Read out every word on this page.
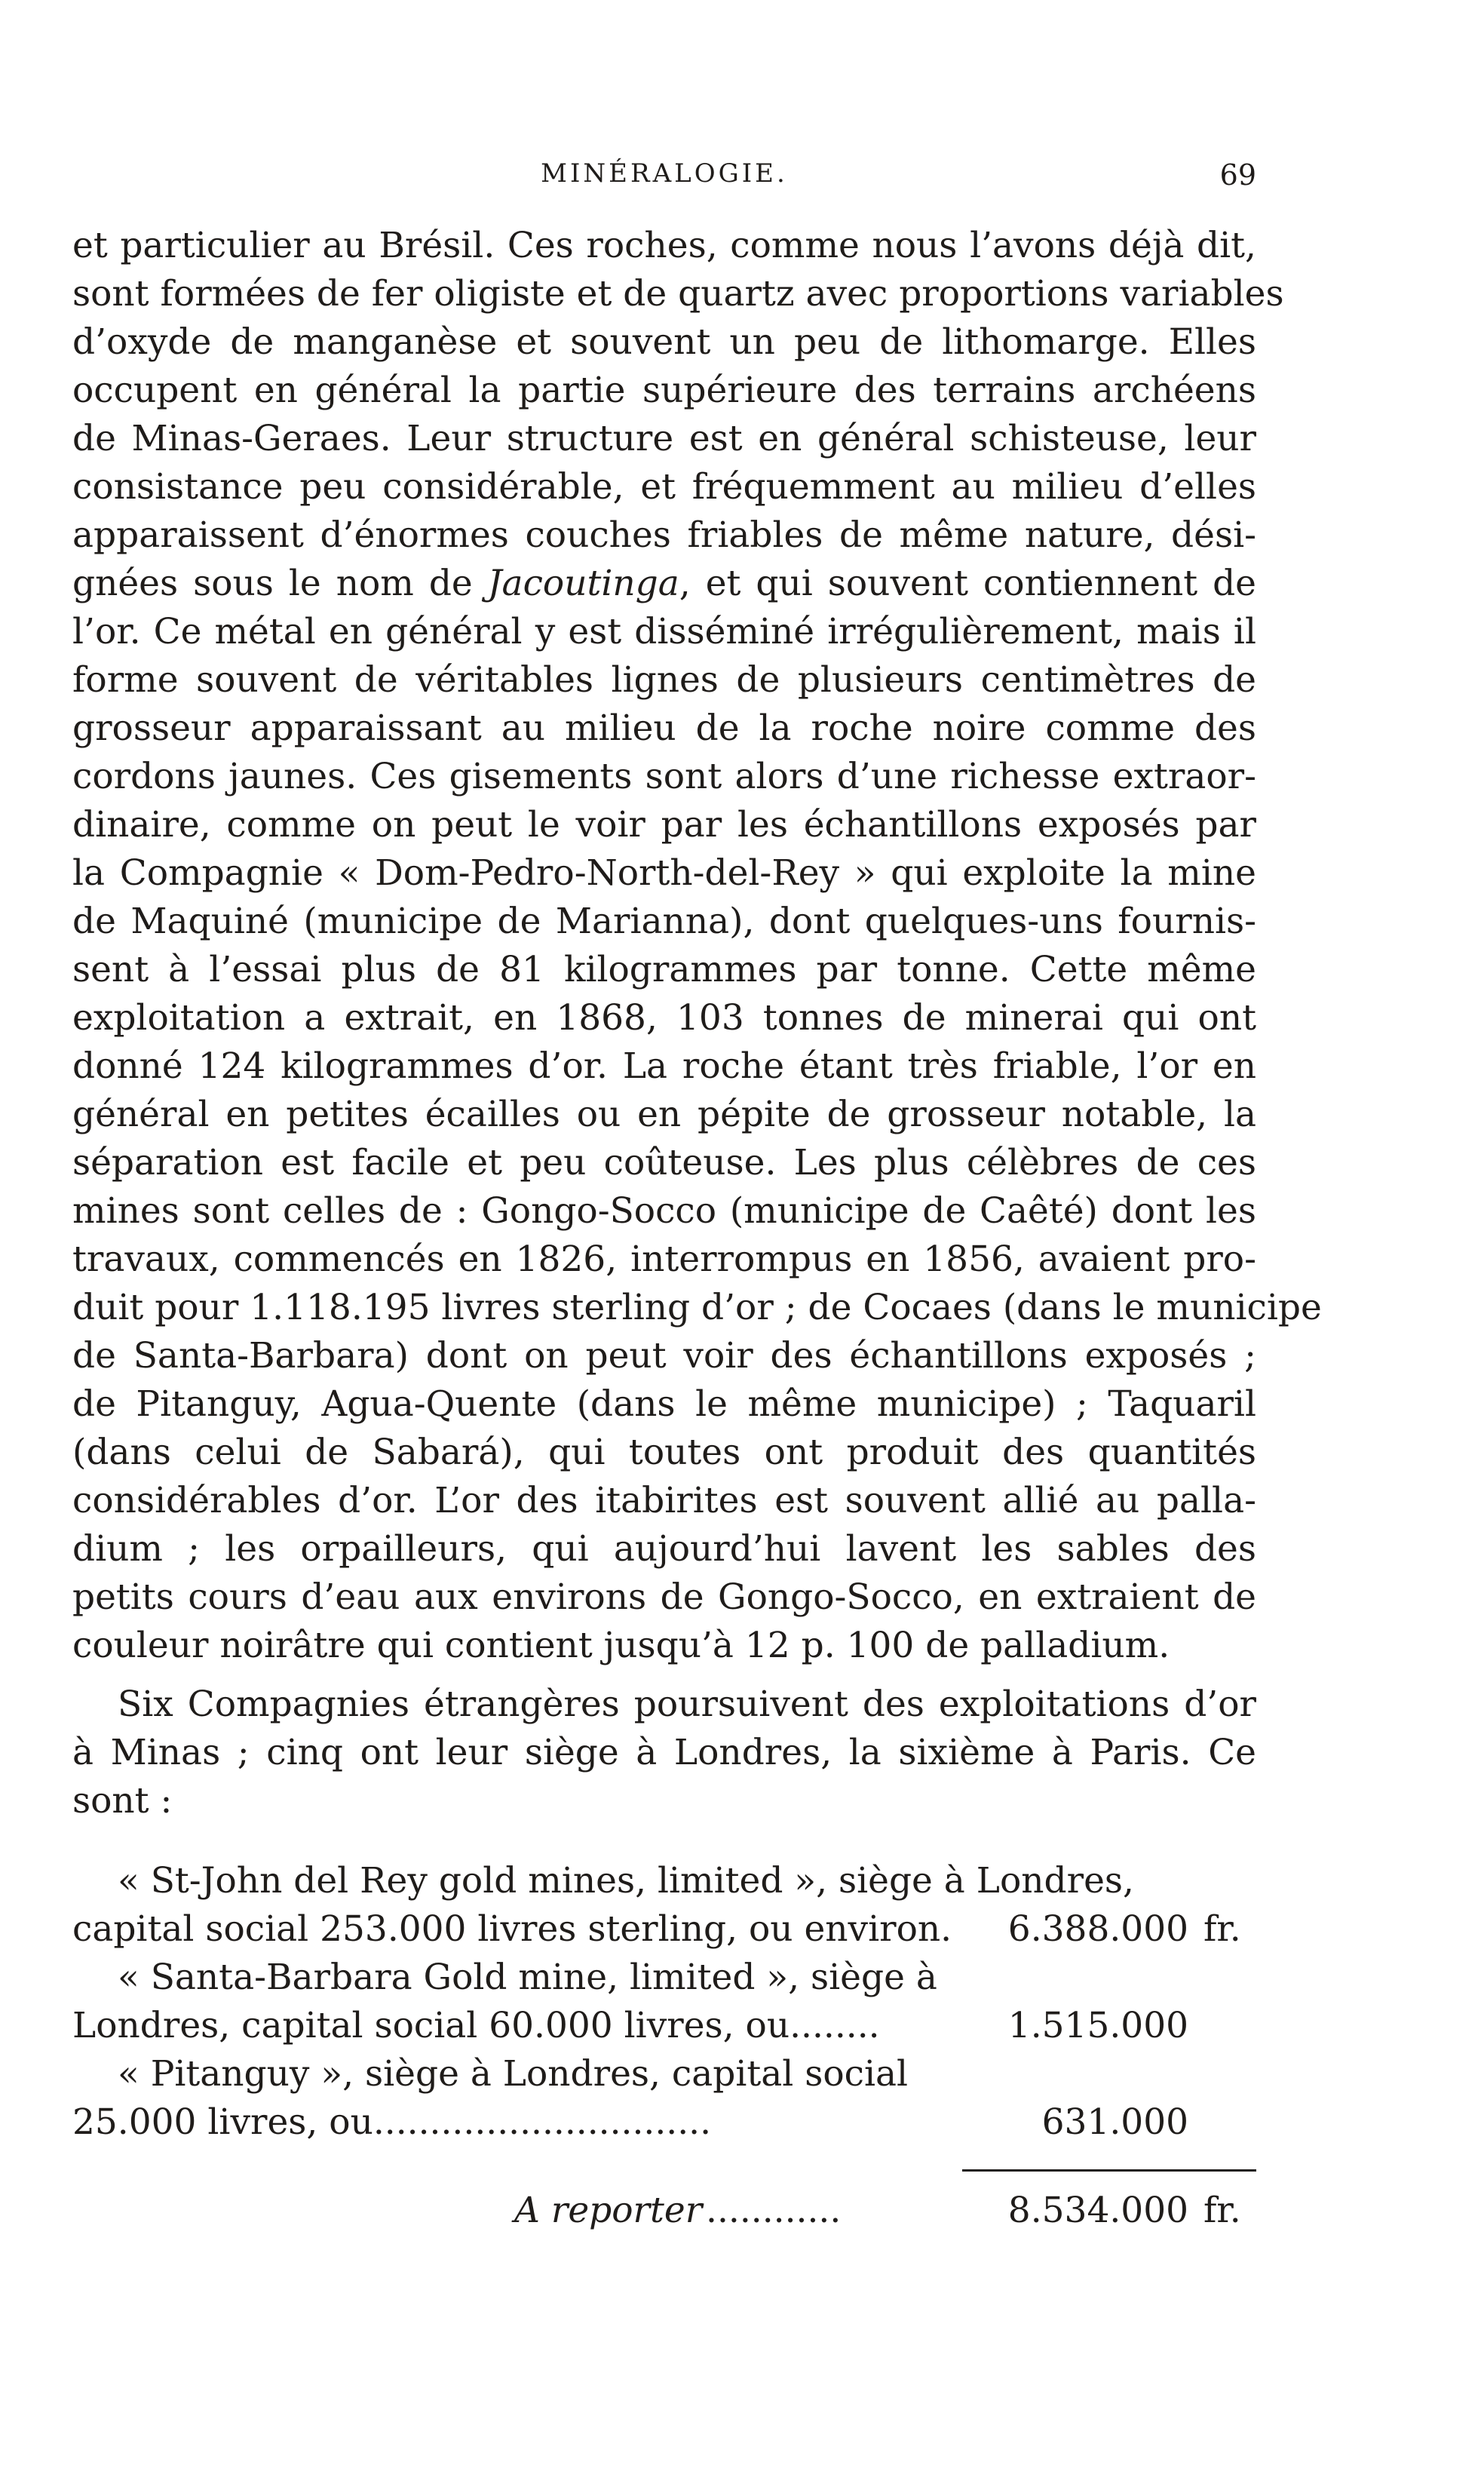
MINÉRALOGIE.	69
et particulier au Brésil. Ces roches, comme nous l’avons déjà dit,
sont formées de fer oligiste et de quartz avec proportions variables
d’oxyde de manganèse et souvent un peu de lithomarge. Elles
occupent en général la partie supérieure des terrains archéens
de Minas-Geraes. Leur structure est en général schisteuse, leur
consistance peu considérable, et fréquemment au milieu d’elles
apparaissent d’énormes couches friables de même nature, dési-
gnées sous le nom de Jacoutinga, et qui souvent contiennent de
l’or. Ce métal en général y est disséminé irrégulièrement, mais il
forme souvent de véritables lignes de plusieurs centimètres de
grosseur apparaissant au milieu de la roche noire comme des
cordons jaunes. Ces gisements sont alors d’une richesse extraor-
dinaire, comme on peut le voir par les échantillons exposés par
la Compagnie « Dom-Pedro-North-del-Rey » qui exploite la mine
de Maquiné (municipe de Marianna), dont quelques-uns fournis-
sent à l’essai plus de 81 kilogrammes par tonne. Cette même
exploitation a extrait, en 1868, 103 tonnes de minerai qui ont
donné 124 kilogrammes d’or. La roche étant très friable, l’or en
général en petites écailles ou en pépite de grosseur notable, la
séparation est facile et peu coûteuse. Les plus célèbres de ces
mines sont celles de : Gongo-Socco (municipe de Caêté) dont les
travaux, commencés en 1826, interrompus en 1856, avaient pro-
duit pour 1.118.195 livres sterling d’or ; de Cocaes (dans le municipe
de Santa-Barbara) dont on peut voir des échantillons exposés ;
de Pitanguy, Agua-Quente (dans le même municipe) ; Taquaril
(dans celui de Sabará), qui toutes ont produit des quantités
considérables d’or. L’or des itabirites est souvent allié au palla-
dium ; les orpailleurs, qui aujourd’hui lavent les sables des
petits cours d’eau aux environs de Gongo-Socco, en extraient de
couleur noirâtre qui contient jusqu’à 12 p. 100 de palladium.
Six Compagnies étrangères poursuivent des exploitations d’or
à Minas ; cinq ont leur siège à Londres, la sixième à Paris. Ce
sont :
« St-John del Rey gold mines, limited », siège à Londres,
capital social 253.000 livres sterling, ou environ. 6.388.000 fr.
« Santa-Barbara Gold mine, limited », siège à
Londres, capital social 60.000 livres, ou........	1.515.000
« Pitanguy », siège à Londres, capital social
25.000 livres, ou..............................	631.000
A reporter ............	8.534.000 fr.
